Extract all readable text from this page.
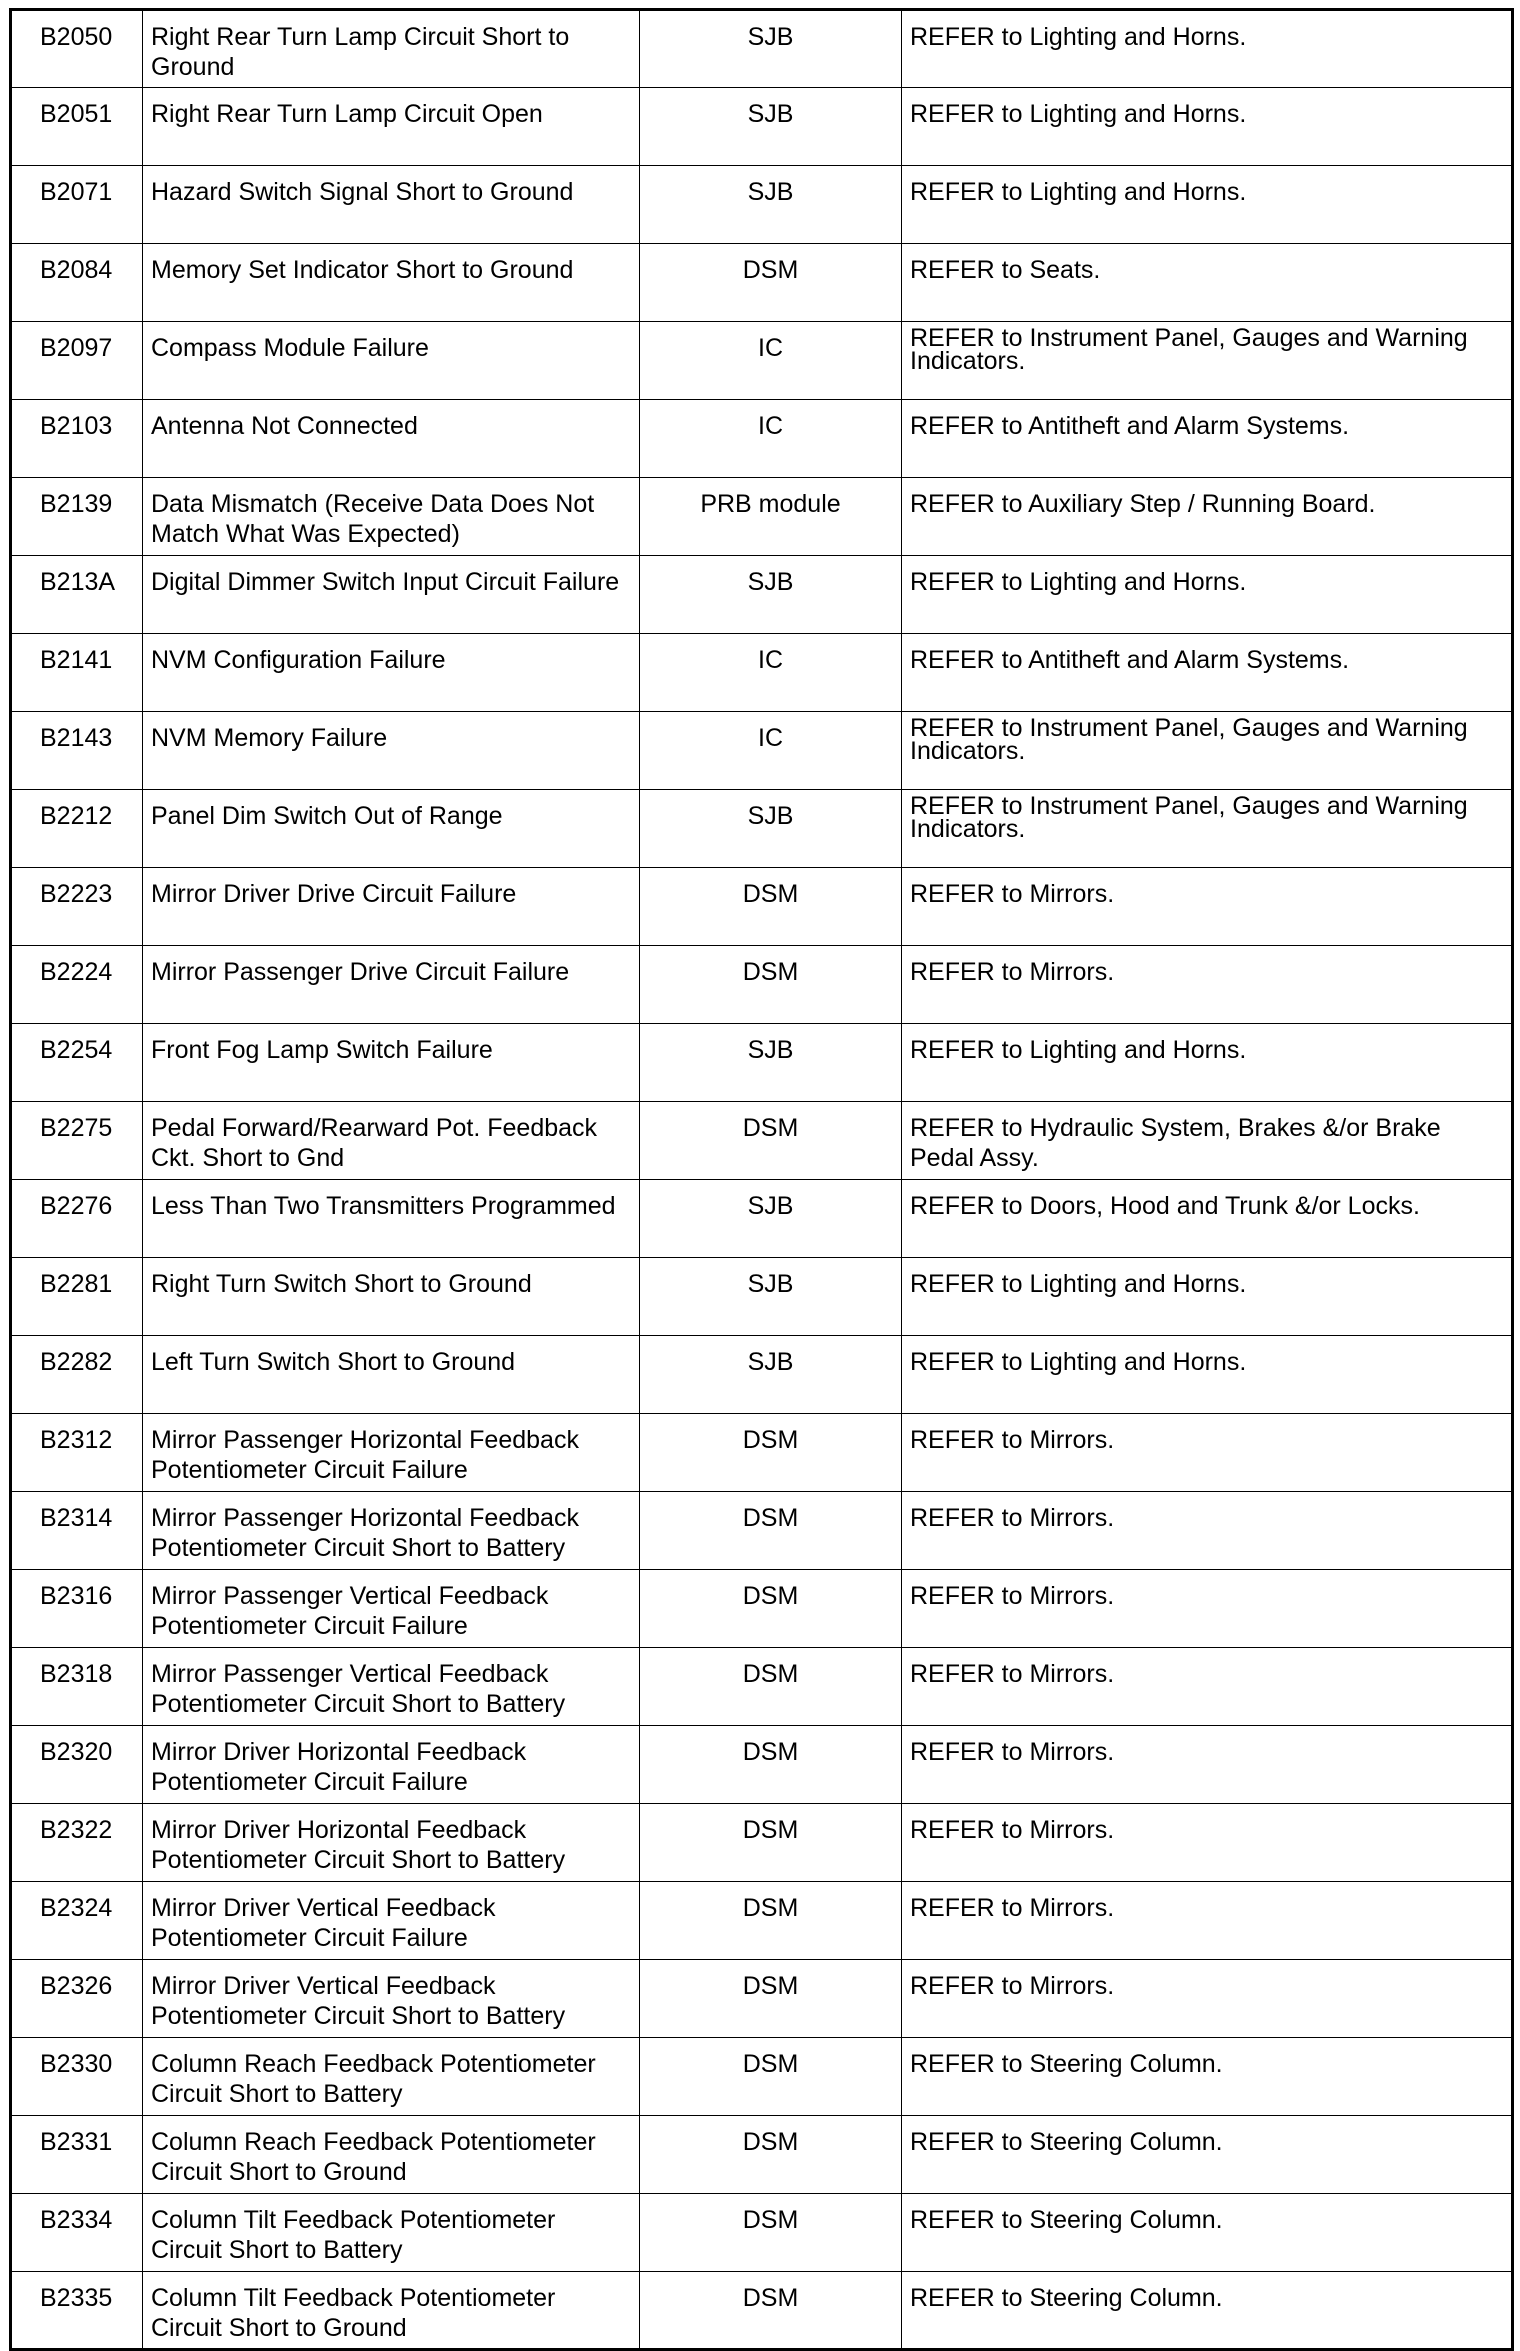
B2050	Right Rear Turn Lamp Circuit Short to Ground	SJB	REFER to Lighting and Horns.
B2051	Right Rear Turn Lamp Circuit Open	SJB	REFER to Lighting and Horns.
B2071	Hazard Switch Signal Short to Ground	SJB	REFER to Lighting and Horns.
B2084	Memory Set Indicator Short to Ground	DSM	REFER to Seats.
B2097	Compass Module Failure	IC	REFER to Instrument Panel, Gauges and Warning Indicators.
B2103	Antenna Not Connected	IC	REFER to Antitheft and Alarm Systems.
B2139	Data Mismatch (Receive Data Does Not Match What Was Expected)	PRB module	REFER to Auxiliary Step / Running Board.
B213A	Digital Dimmer Switch Input Circuit Failure	SJB	REFER to Lighting and Horns.
B2141	NVM Configuration Failure	IC	REFER to Antitheft and Alarm Systems.
B2143	NVM Memory Failure	IC	REFER to Instrument Panel, Gauges and Warning Indicators.
B2212	Panel Dim Switch Out of Range	SJB	REFER to Instrument Panel, Gauges and Warning Indicators.
B2223	Mirror Driver Drive Circuit Failure	DSM	REFER to Mirrors.
B2224	Mirror Passenger Drive Circuit Failure	DSM	REFER to Mirrors.
B2254	Front Fog Lamp Switch Failure	SJB	REFER to Lighting and Horns.
B2275	Pedal Forward/Rearward Pot. Feedback Ckt. Short to Gnd	DSM	REFER to Hydraulic System, Brakes &/or Brake Pedal Assy.
B2276	Less Than Two Transmitters Programmed	SJB	REFER to Doors, Hood and Trunk &/or Locks.
B2281	Right Turn Switch Short to Ground	SJB	REFER to Lighting and Horns.
B2282	Left Turn Switch Short to Ground	SJB	REFER to Lighting and Horns.
B2312	Mirror Passenger Horizontal Feedback Potentiometer Circuit Failure	DSM	REFER to Mirrors.
B2314	Mirror Passenger Horizontal Feedback Potentiometer Circuit Short to Battery	DSM	REFER to Mirrors.
B2316	Mirror Passenger Vertical Feedback Potentiometer Circuit Failure	DSM	REFER to Mirrors.
B2318	Mirror Passenger Vertical Feedback Potentiometer Circuit Short to Battery	DSM	REFER to Mirrors.
B2320	Mirror Driver Horizontal Feedback Potentiometer Circuit Failure	DSM	REFER to Mirrors.
B2322	Mirror Driver Horizontal Feedback Potentiometer Circuit Short to Battery	DSM	REFER to Mirrors.
B2324	Mirror Driver Vertical Feedback Potentiometer Circuit Failure	DSM	REFER to Mirrors.
B2326	Mirror Driver Vertical Feedback Potentiometer Circuit Short to Battery	DSM	REFER to Mirrors.
B2330	Column Reach Feedback Potentiometer Circuit Short to Battery	DSM	REFER to Steering Column.
B2331	Column Reach Feedback Potentiometer Circuit Short to Ground	DSM	REFER to Steering Column.
B2334	Column Tilt Feedback Potentiometer Circuit Short to Battery	DSM	REFER to Steering Column.
B2335	Column Tilt Feedback Potentiometer Circuit Short to Ground	DSM	REFER to Steering Column.
